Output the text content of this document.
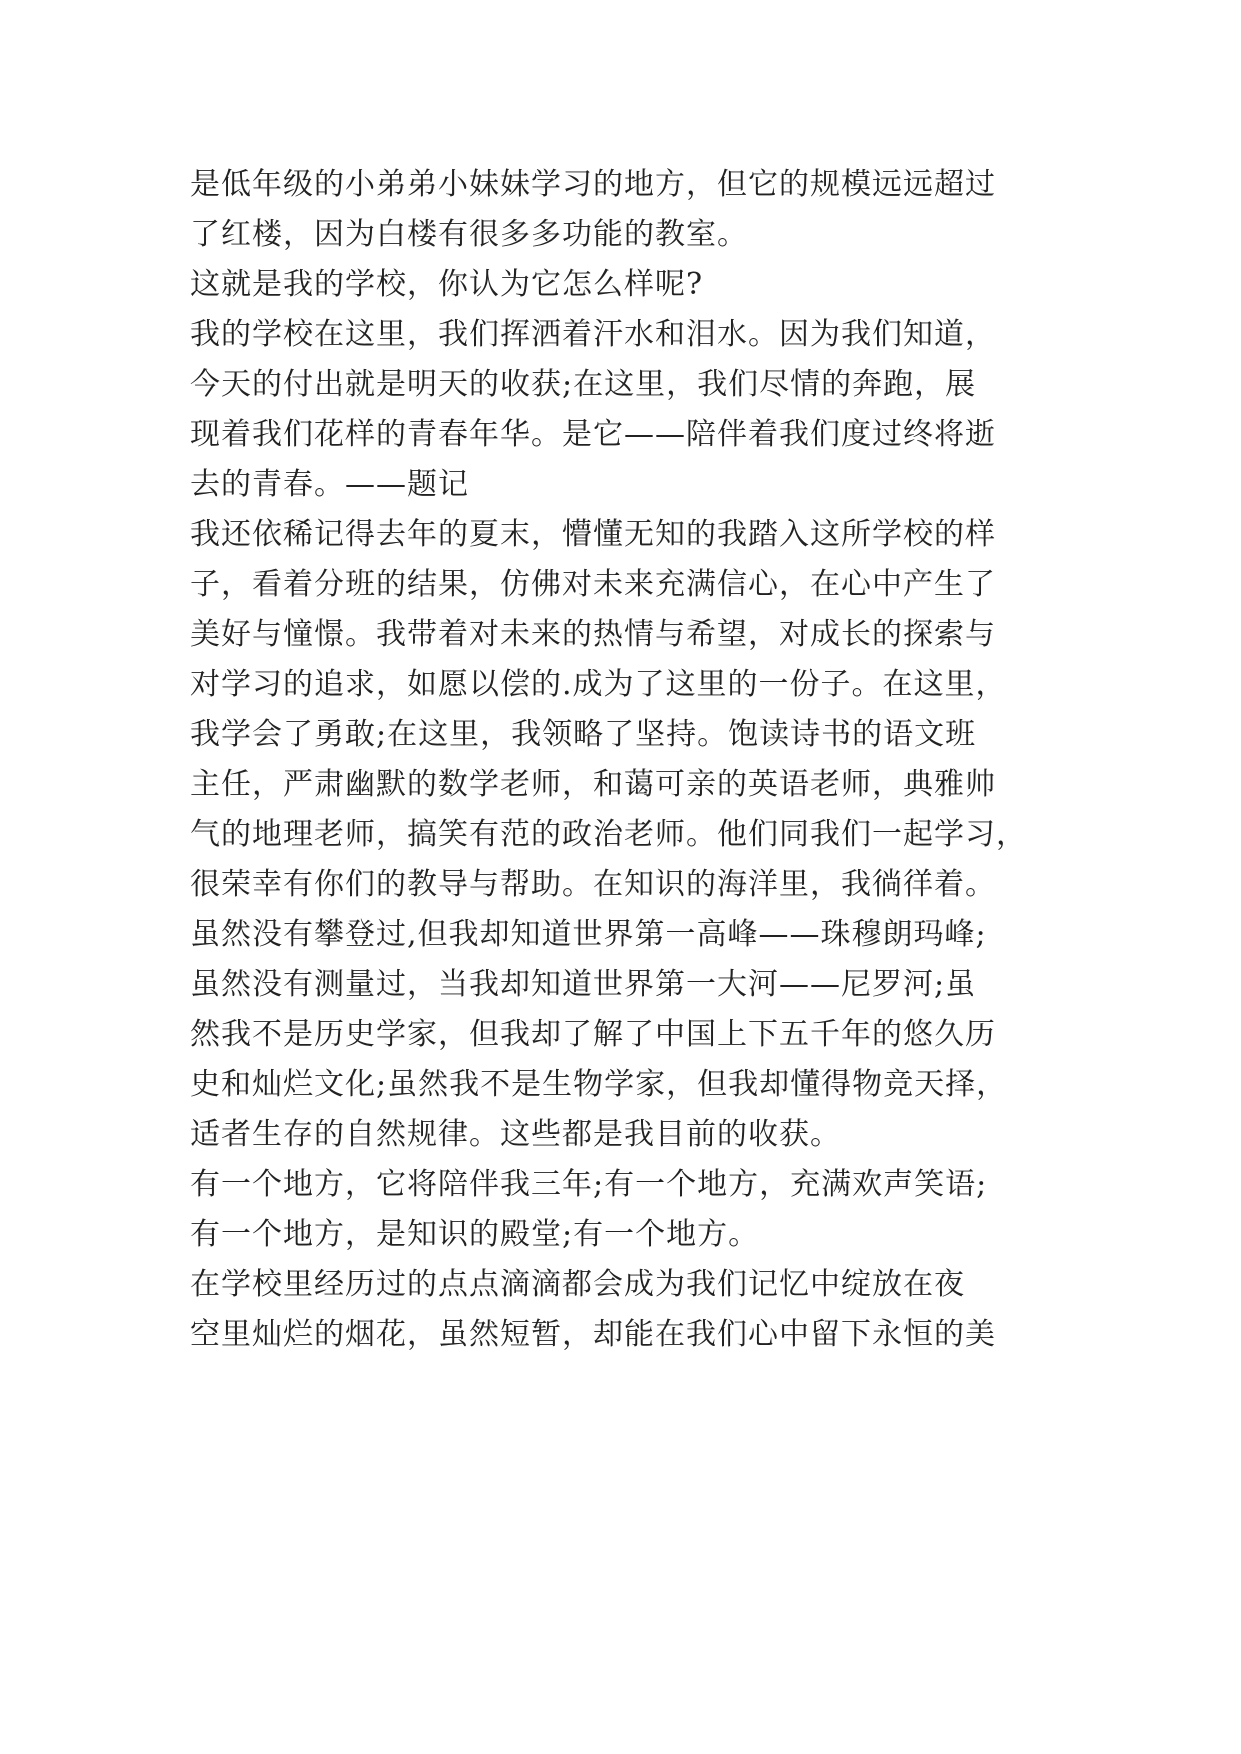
是低年级的小弟弟小妹妹学习的地方，但它的规模远远超过
了红楼，因为白楼有很多多功能的教室。
这就是我的学校，你认为它怎么样呢?
我的学校在这里，我们挥洒着汗水和泪水。因为我们知道，
今天的付出就是明天的收获;在这里，我们尽情的奔跑，展
现着我们花样的青春年华。是它——陪伴着我们度过终将逝
去的青春。——题记
我还依稀记得去年的夏末，懵懂无知的我踏入这所学校的样
子，看着分班的结果，仿佛对未来充满信心，在心中产生了
美好与憧憬。我带着对未来的热情与希望，对成长的探索与
对学习的追求，如愿以偿的.成为了这里的一份子。在这里，
我学会了勇敢;在这里，我领略了坚持。饱读诗书的语文班
主任，严肃幽默的数学老师，和蔼可亲的英语老师，典雅帅
气的地理老师，搞笑有范的政治老师。他们同我们一起学习，
很荣幸有你们的教导与帮助。在知识的海洋里，我徜徉着。
虽然没有攀登过,但我却知道世界第一高峰——珠穆朗玛峰;
虽然没有测量过，当我却知道世界第一大河——尼罗河;虽
然我不是历史学家，但我却了解了中国上下五千年的悠久历
史和灿烂文化;虽然我不是生物学家，但我却懂得物竞天择，
适者生存的自然规律。这些都是我目前的收获。
有一个地方，它将陪伴我三年;有一个地方，充满欢声笑语;
有一个地方，是知识的殿堂;有一个地方。
在学校里经历过的点点滴滴都会成为我们记忆中绽放在夜
空里灿烂的烟花，虽然短暂，却能在我们心中留下永恒的美
